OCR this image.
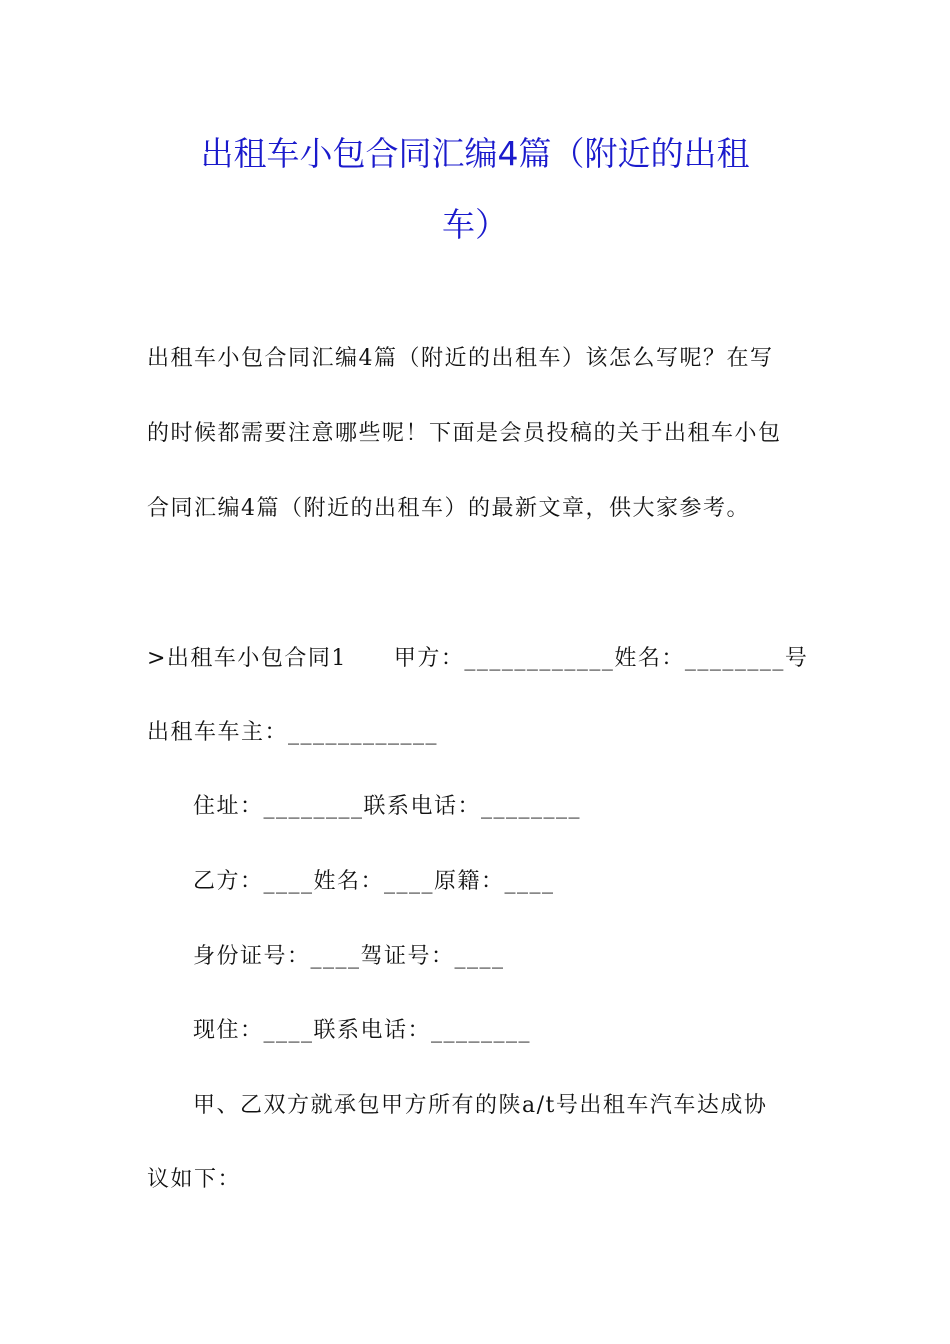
出租车小包合同汇编4篇（附近的出租
车）
出租车小包合同汇编4篇（附近的出租车）该怎么写呢？在写
的时候都需要注意哪些呢！下面是会员投稿的关于出租车小包
合同汇编4篇（附近的出租车）的最新文章，供大家参考。
>出租车小包合同1　　甲方：____________姓名：________号
出租车车主：____________
住址：________联系电话：________
乙方：____姓名：____原籍：____
身份证号：____驾证号：____
现住：____联系电话：________
甲、乙双方就承包甲方所有的陕a/t号出租车汽车达成协
议如下：
